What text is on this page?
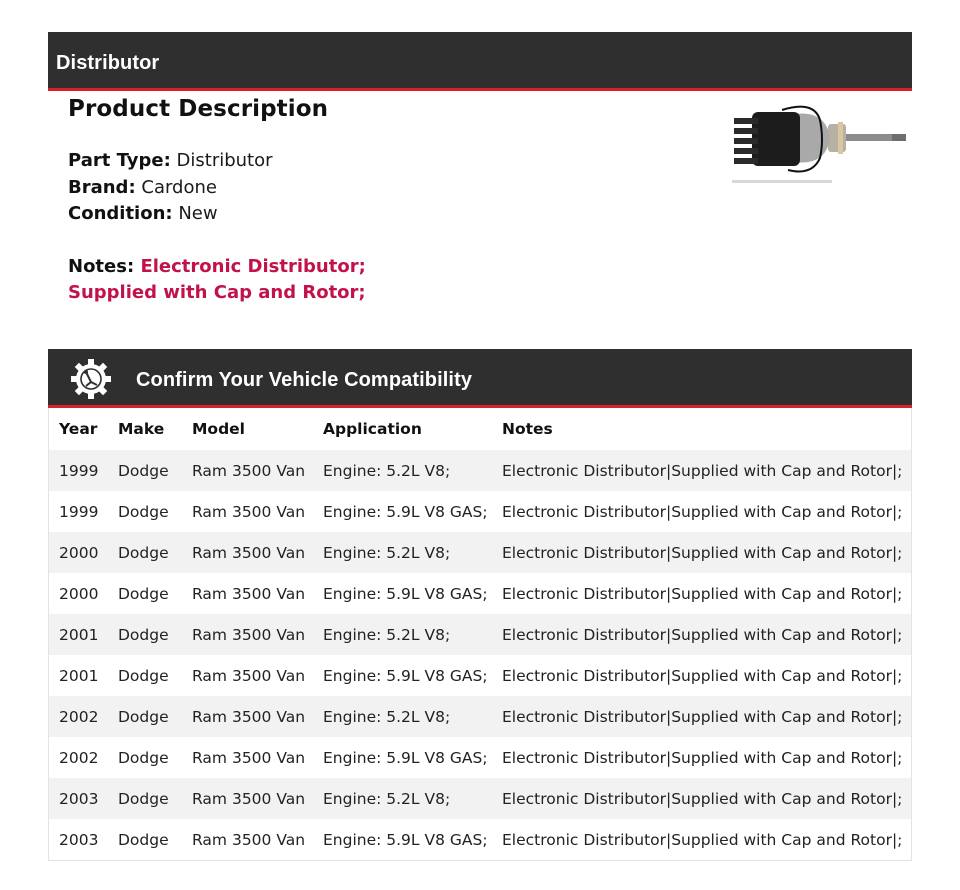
Distributor
Product Description
Part Type: Distributor
Brand: Cardone
Condition: New
Notes: Electronic Distributor; Supplied with Cap and Rotor;
Confirm Your Vehicle Compatibility
Year	Make	Model	Application	Notes
1999	Dodge	Ram 3500 Van	Engine: 5.2L V8;	Electronic Distributor|Supplied with Cap and Rotor|;
1999	Dodge	Ram 3500 Van	Engine: 5.9L V8 GAS;	Electronic Distributor|Supplied with Cap and Rotor|;
2000	Dodge	Ram 3500 Van	Engine: 5.2L V8;	Electronic Distributor|Supplied with Cap and Rotor|;
2000	Dodge	Ram 3500 Van	Engine: 5.9L V8 GAS;	Electronic Distributor|Supplied with Cap and Rotor|;
2001	Dodge	Ram 3500 Van	Engine: 5.2L V8;	Electronic Distributor|Supplied with Cap and Rotor|;
2001	Dodge	Ram 3500 Van	Engine: 5.9L V8 GAS;	Electronic Distributor|Supplied with Cap and Rotor|;
2002	Dodge	Ram 3500 Van	Engine: 5.2L V8;	Electronic Distributor|Supplied with Cap and Rotor|;
2002	Dodge	Ram 3500 Van	Engine: 5.9L V8 GAS;	Electronic Distributor|Supplied with Cap and Rotor|;
2003	Dodge	Ram 3500 Van	Engine: 5.2L V8;	Electronic Distributor|Supplied with Cap and Rotor|;
2003	Dodge	Ram 3500 Van	Engine: 5.9L V8 GAS;	Electronic Distributor|Supplied with Cap and Rotor|;
